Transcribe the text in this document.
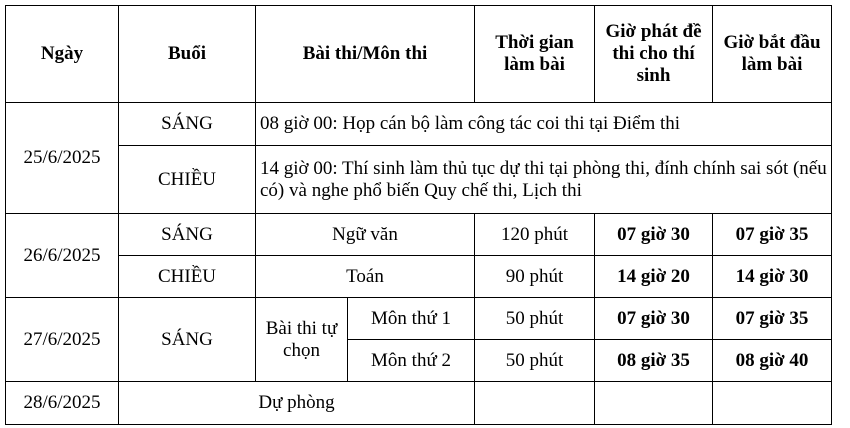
Ngày	Buổi	Bài thi/Môn thi		Thời gian làm bài	Giờ phát đề thi cho thí sinh	Giờ bắt đầu làm bài
25/6/2025	SÁNG	08 giờ 00: Họp cán bộ làm công tác coi thi tại Điểm thi				
	CHIỀU	14 giờ 00: Thí sinh làm thủ tục dự thi tại phòng thi, đính chính sai sót (nếu có) và nghe phổ biến Quy chế thi, Lịch thi				
26/6/2025	SÁNG	Ngữ văn		120 phút	07 giờ 30	07 giờ 35
	CHIỀU	Toán		90 phút	14 giờ 20	14 giờ 30
27/6/2025	SÁNG	Bài thi tự chọn	Môn thứ 1	50 phút	07 giờ 30	07 giờ 35
			Môn thứ 2	50 phút	08 giờ 35	08 giờ 40
28/6/2025	Dự phòng					
